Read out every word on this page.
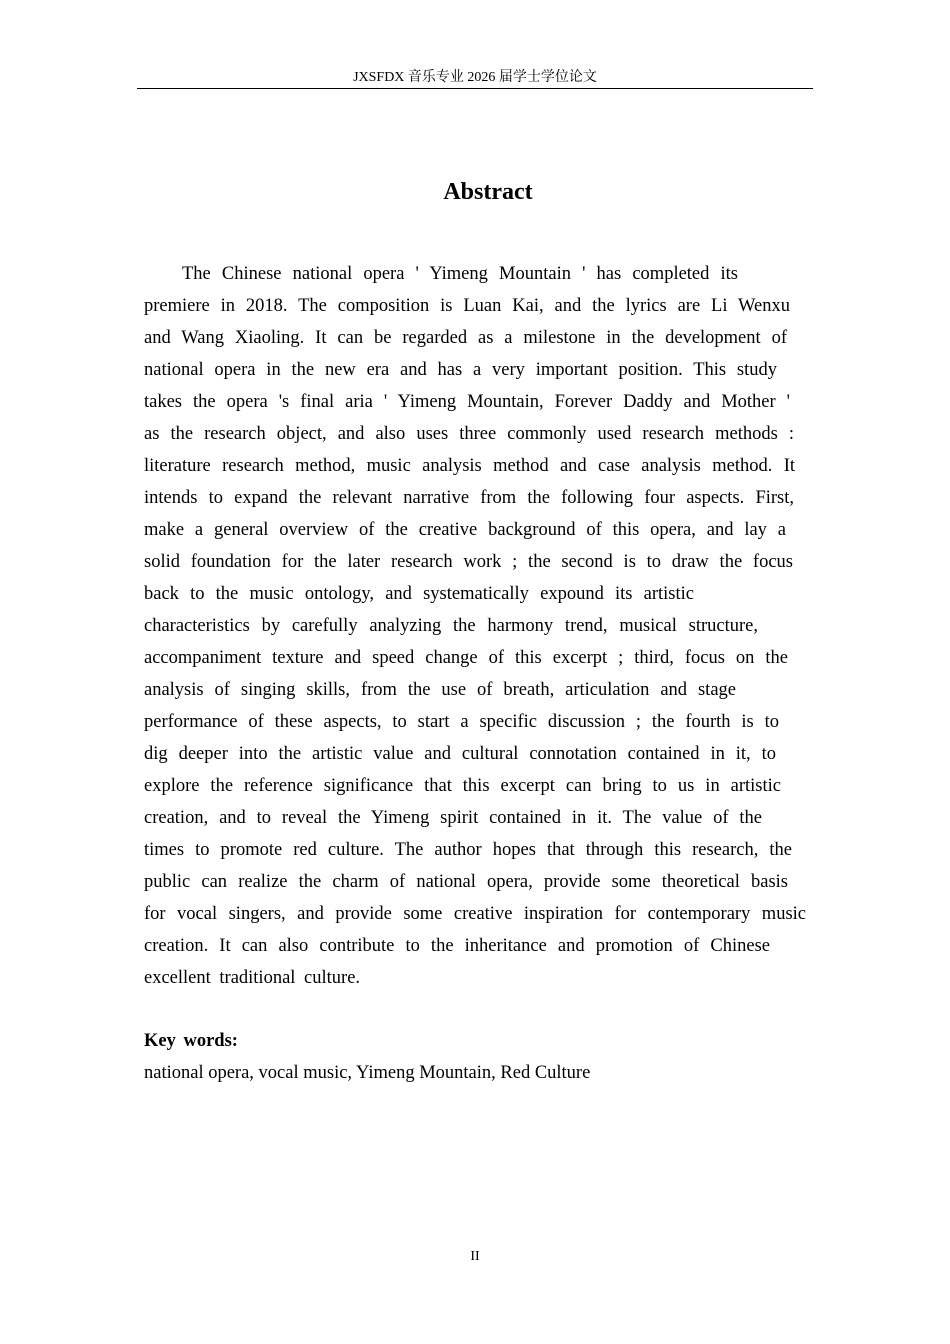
JXSFDX 音乐专业 2026 届学士学位论文
Abstract
The Chinese national opera ' Yimeng Mountain ' has completed its
premiere in 2018. The composition is Luan Kai, and the lyrics are Li Wenxu
and Wang Xiaoling. It can be regarded as a milestone in the development of
national opera in the new era and has a very important position. This study
takes the opera 's final aria ' Yimeng Mountain, Forever Daddy and Mother '
as the research object, and also uses three commonly used research methods :
literature research method, music analysis method and case analysis method. It
intends to expand the relevant narrative from the following four aspects. First,
make a general overview of the creative background of this opera, and lay a
solid foundation for the later research work ; the second is to draw the focus
back to the music ontology, and systematically expound its artistic
characteristics by carefully analyzing the harmony trend, musical structure,
accompaniment texture and speed change of this excerpt ; third, focus on the
analysis of singing skills, from the use of breath, articulation and stage
performance of these aspects, to start a specific discussion ; the fourth is to
dig deeper into the artistic value and cultural connotation contained in it, to
explore the reference significance that this excerpt can bring to us in artistic
creation, and to reveal the Yimeng spirit contained in it. The value of the
times to promote red culture. The author hopes that through this research, the
public can realize the charm of national opera, provide some theoretical basis
for vocal singers, and provide some creative inspiration for contemporary music
creation. It can also contribute to the inheritance and promotion of Chinese
excellent traditional culture.

Key words:

national opera, vocal music, Yimeng Mountain, Red Culture

II
